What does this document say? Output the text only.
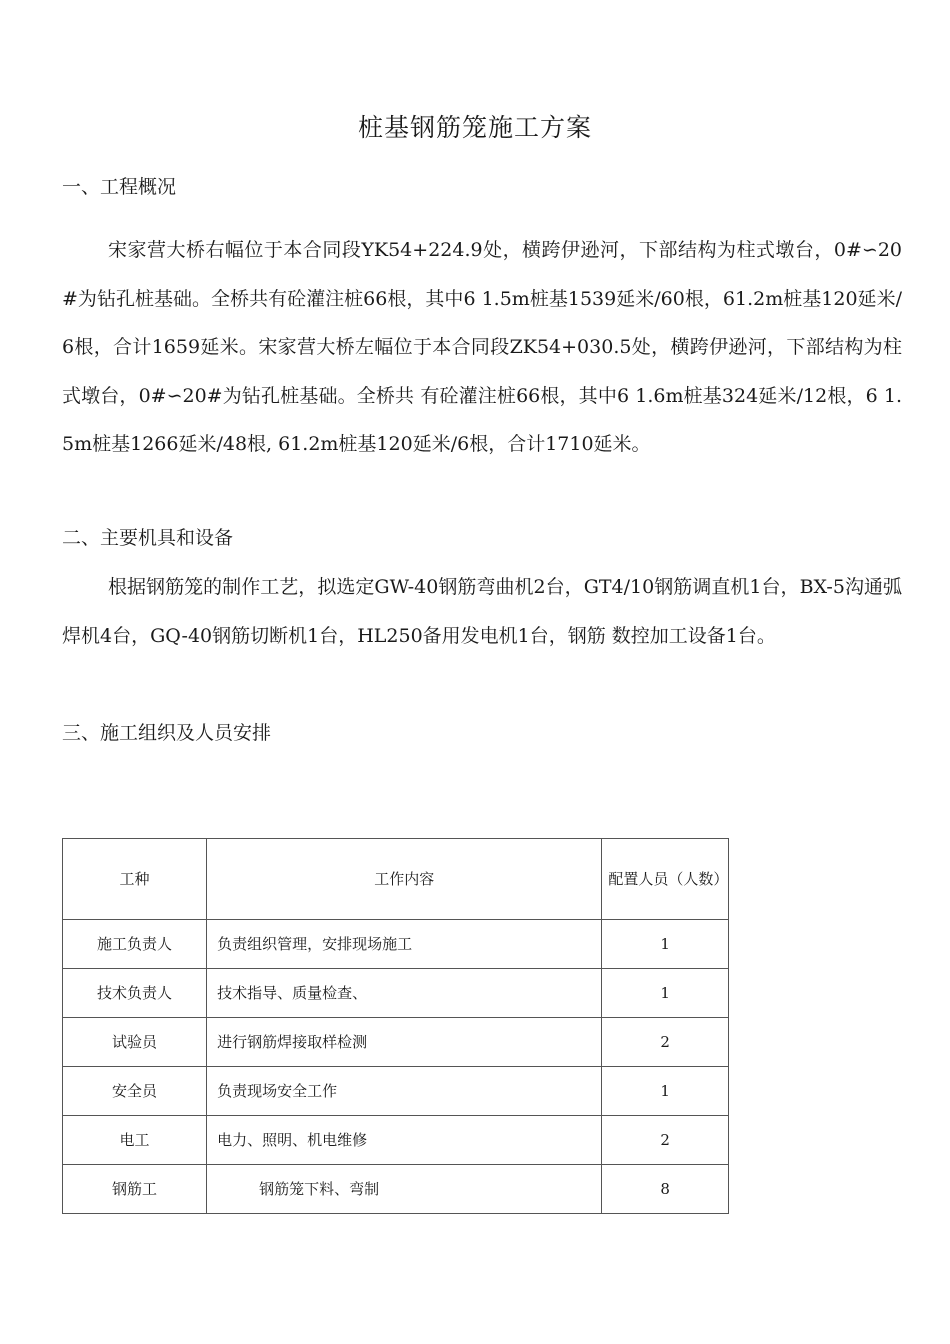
桩基钢筋笼施工方案
一、工程概况
宋家营大桥右幅位于本合同段YK54+224.9处，横跨伊逊河，下部结构为柱式墩台，0#∽20#为钻孔桩基础。全桥共有砼灌注桩66根，其中6 1.5m桩基1539延米/60根，61.2m桩基120延米/6根，合计1659延米。宋家营大桥左幅位于本合同段ZK54+030.5处，横跨伊逊河，下部结构为柱式墩台，0#∽20#为钻孔桩基础。全桥共 有砼灌注桩66根，其中6 1.6m桩基324延米/12根，6 1.5m桩基1266延米/48根, 61.2m桩基120延米/6根，合计1710延米。
二、主要机具和设备
根据钢筋笼的制作工艺，拟选定GW-40钢筋弯曲机2台，GT4/10钢筋调直机1台，BX-5沟通弧焊机4台，GQ-40钢筋切断机1台，HL250备用发电机1台，钢筋 数控加工设备1台。
三、施工组织及人员安排
工种	工作内容	配置人员（人数）
施工负责人	负责组织管理，安排现场施工	1
技术负责人	技术指导、质量检查、	1
试验员	进行钢筋焊接取样检测	2
安全员	负责现场安全工作	1
电工	电力、照明、机电维修	2
钢筋工	钢筋笼下料、弯制	8
